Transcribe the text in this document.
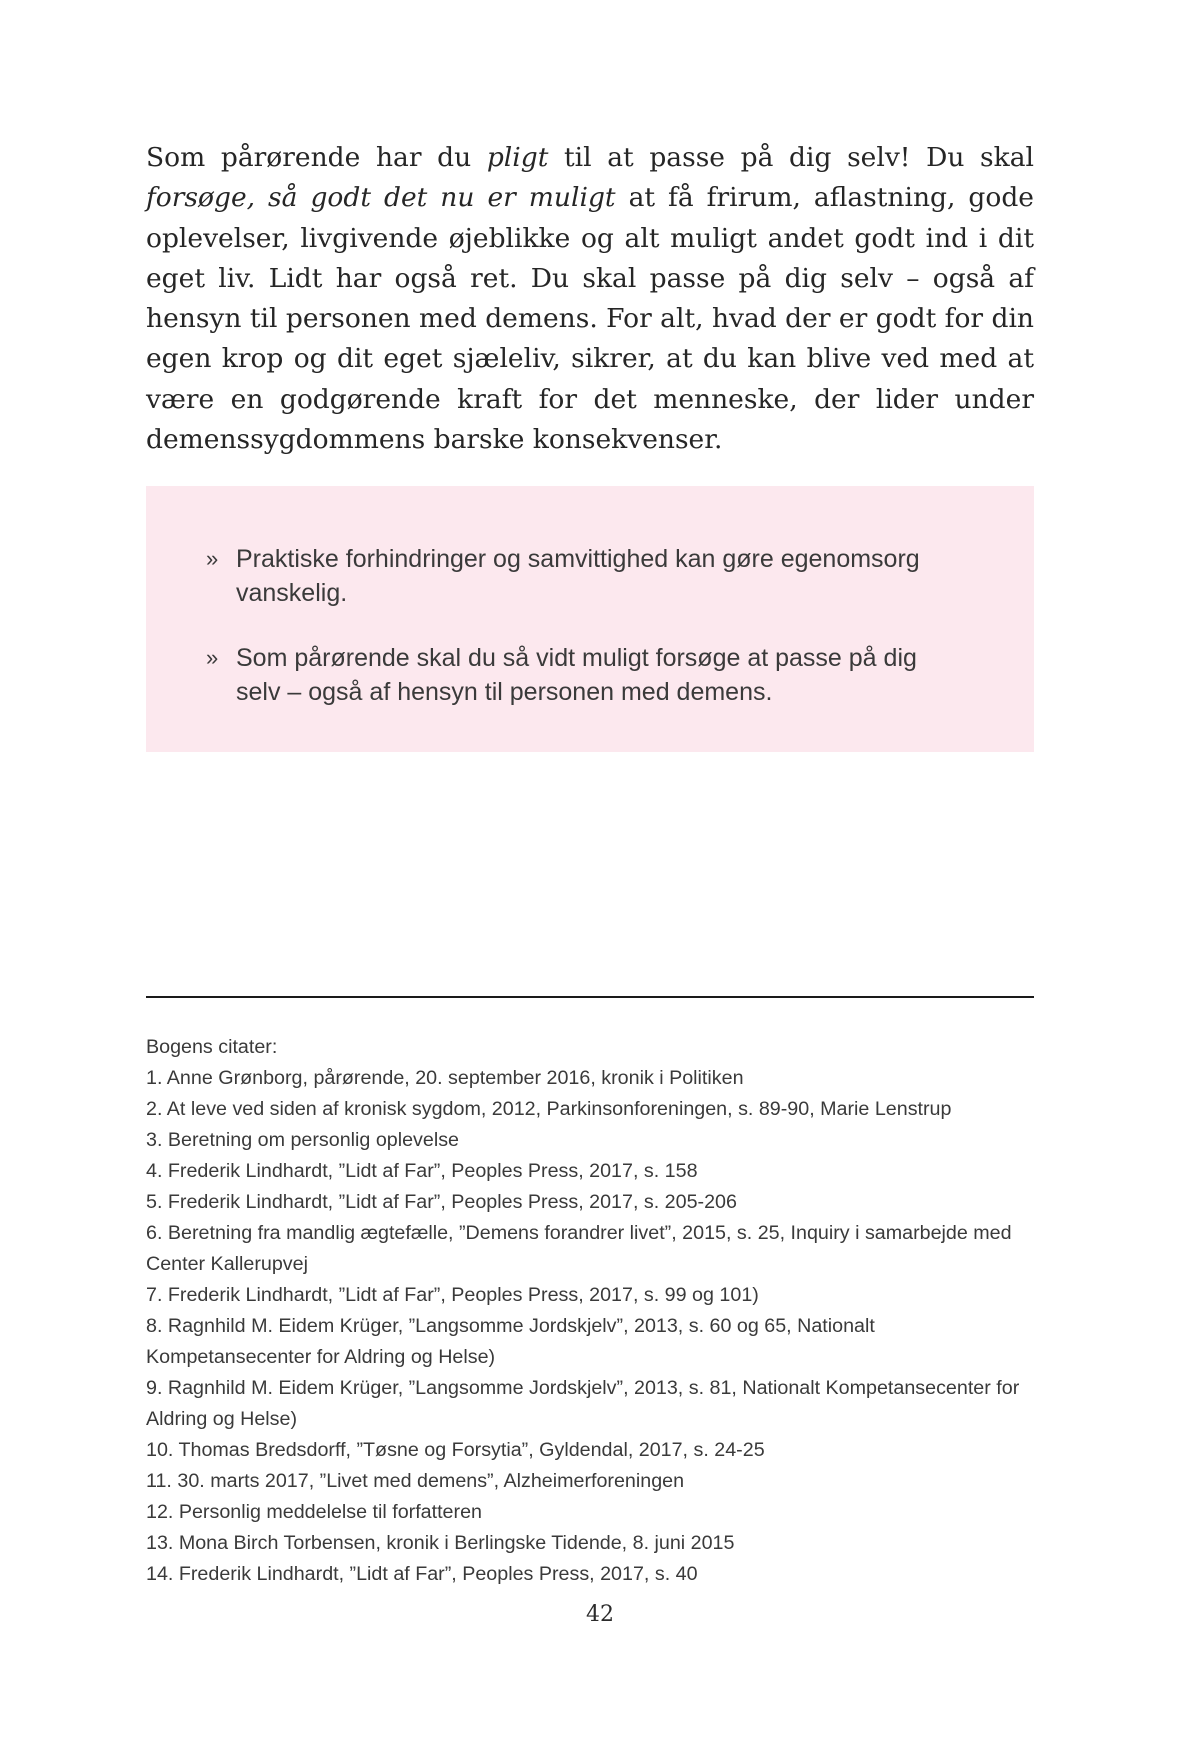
Som pårørende har du pligt til at passe på dig selv! Du skal forsøge, så godt det nu er muligt at få frirum, aflastning, gode oplevelser, livgivende øjeblikke og alt muligt andet godt ind i dit eget liv. Lidt har også ret. Du skal passe på dig selv – også af hensyn til personen med demens. For alt, hvad der er godt for din egen krop og dit eget sjæleliv, sikrer, at du kan blive ved med at være en godgørende kraft for det menneske, der lider under demenssygdommens barske konsekvenser.

» Praktiske forhindringer og samvittighed kan gøre egenomsorg vanskelig.
» Som pårørende skal du så vidt muligt forsøge at passe på dig selv – også af hensyn til personen med demens.
Bogens citater:
1. Anne Grønborg, pårørende, 20. september 2016, kronik i Politiken
2. At leve ved siden af kronisk sygdom, 2012, Parkinsonforeningen, s. 89-90, Marie Lenstrup
3. Beretning om personlig oplevelse
4. Frederik Lindhardt, ”Lidt af Far”, Peoples Press, 2017, s. 158
5. Frederik Lindhardt, ”Lidt af Far”, Peoples Press, 2017, s. 205-206
6. Beretning fra mandlig ægtefælle, ”Demens forandrer livet”, 2015, s. 25, Inquiry i samarbejde med Center Kallerupvej
7. Frederik Lindhardt, ”Lidt af Far”, Peoples Press, 2017, s. 99 og 101)
8. Ragnhild M. Eidem Krüger, ”Langsomme Jordskjelv”, 2013, s. 60 og 65, Nationalt Kompetansecenter for Aldring og Helse)
9. Ragnhild M. Eidem Krüger, ”Langsomme Jordskjelv”, 2013, s. 81, Nationalt Kompetansecenter for Aldring og Helse)
10. Thomas Bredsdorff, ”Tøsne og Forsytia”, Gyldendal, 2017, s. 24-25
11. 30. marts 2017, ”Livet med demens”, Alzheimerforeningen
12. Personlig meddelelse til forfatteren
13. Mona Birch Torbensen, kronik i Berlingske Tidende, 8. juni 2015
14. Frederik Lindhardt, ”Lidt af Far”, Peoples Press, 2017, s. 40
42
